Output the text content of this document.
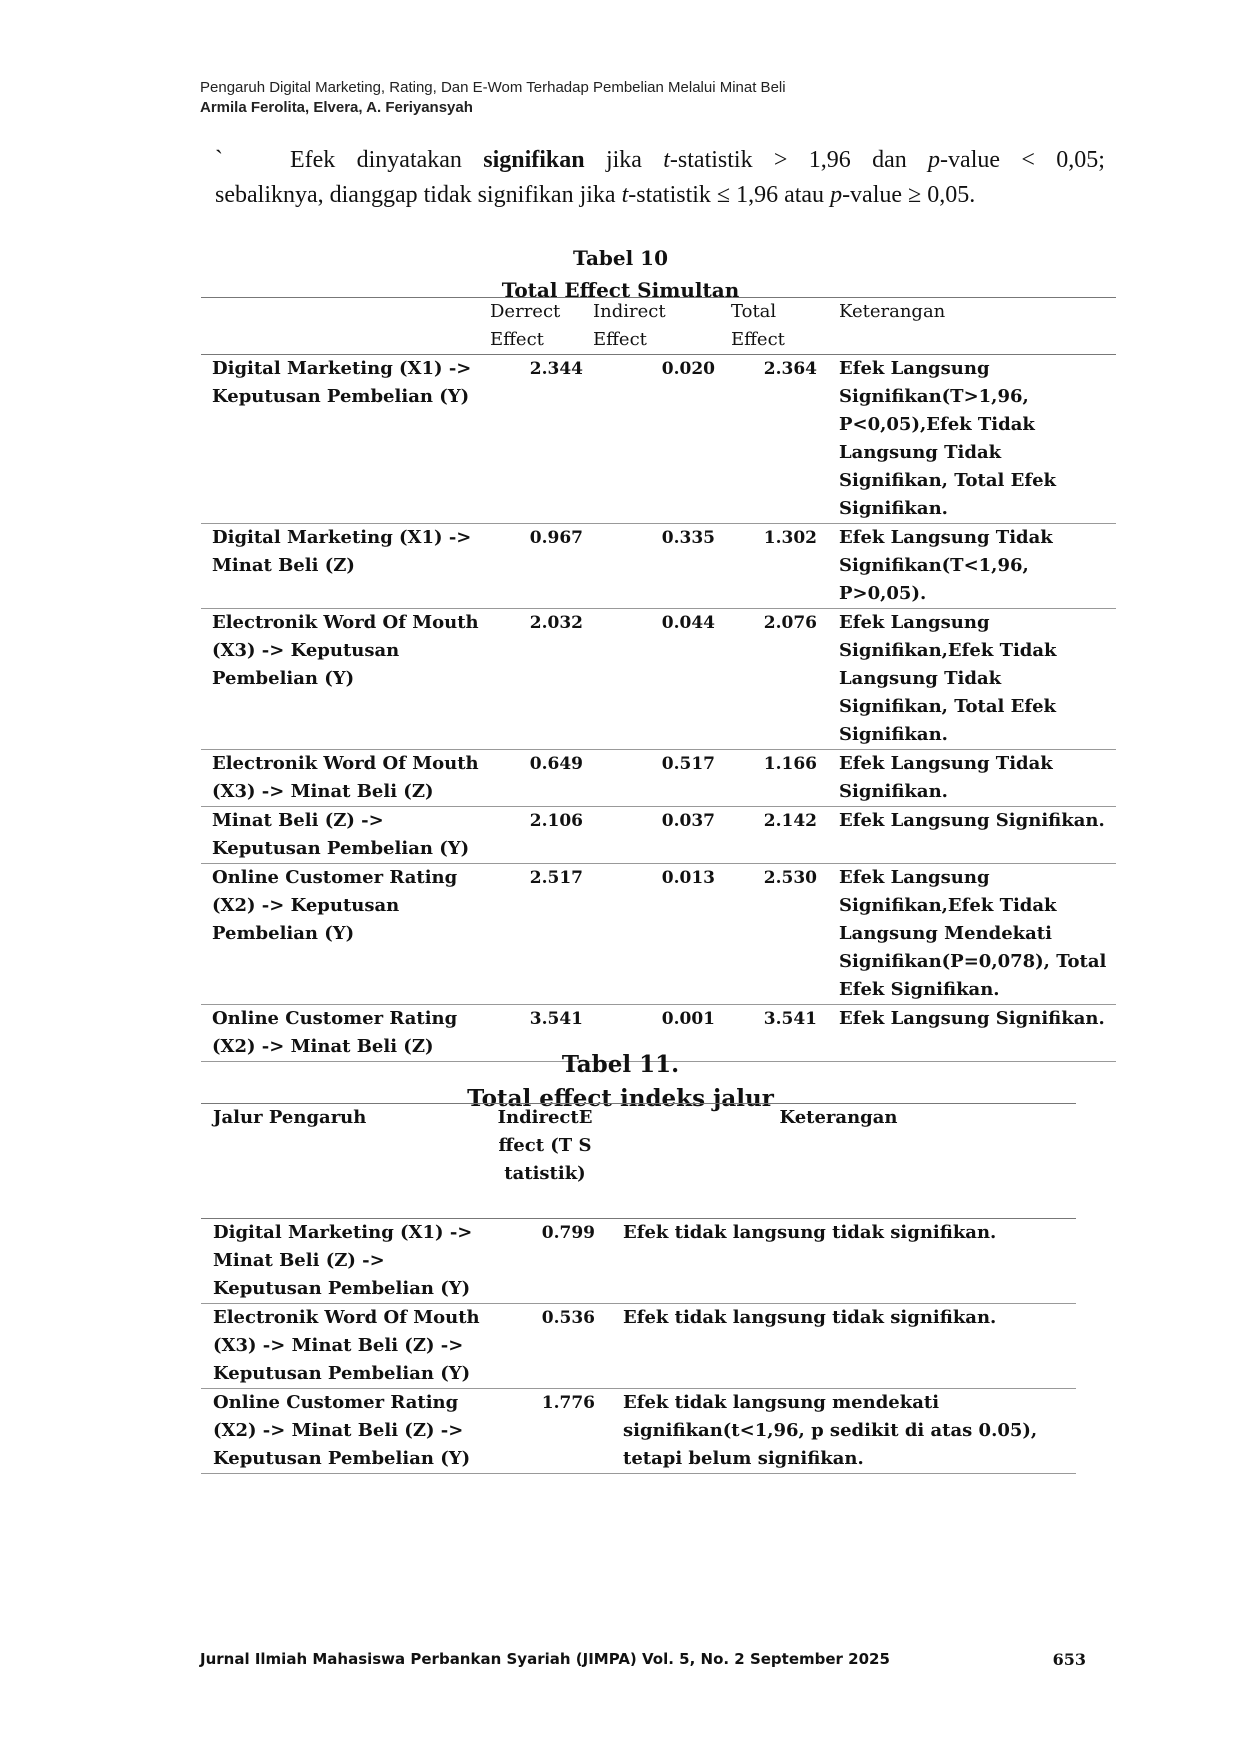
Pengaruh Digital Marketing, Rating, Dan E-Wom Terhadap Pembelian Melalui Minat Beli
Armila Ferolita, Elvera, A. Feriyansyah
`	Efek dinyatakan signifikan jika t-statistik > 1,96 dan p-value < 0,05;
sebaliknya, dianggap tidak signifikan jika t-statistik ≤ 1,96 atau p-value ≥ 0,05.
Tabel 10
Total Effect Simultan
	Derrect Effect	Indirect Effect	Total Effect	Keterangan
Digital Marketing (X1) -> Keputusan Pembelian (Y)	2.344	0.020	2.364	Efek Langsung Signifikan(T>1,96, P<0,05),Efek Tidak Langsung Tidak Signifikan, Total Efek Signifikan.
Digital Marketing (X1) -> Minat Beli (Z)	0.967	0.335	1.302	Efek Langsung Tidak Signifikan(T<1,96, P>0,05).
Electronik Word Of Mouth (X3) -> Keputusan Pembelian (Y)	2.032	0.044	2.076	Efek Langsung Signifikan,Efek Tidak Langsung Tidak Signifikan, Total Efek Signifikan.
Electronik Word Of Mouth (X3) -> Minat Beli (Z)	0.649	0.517	1.166	Efek Langsung Tidak Signifikan.
Minat Beli (Z) -> Keputusan Pembelian (Y)	2.106	0.037	2.142	Efek Langsung Signifikan.
Online Customer Rating (X2) -> Keputusan Pembelian (Y)	2.517	0.013	2.530	Efek Langsung Signifikan,Efek Tidak Langsung Mendekati Signifikan(P=0,078), Total Efek Signifikan.
Online Customer Rating (X2) -> Minat Beli (Z)	3.541	0.001	3.541	Efek Langsung Signifikan.
Tabel 11.
Total effect indeks jalur
Jalur Pengaruh	IndirectEffect (T Statistik)	Keterangan
Digital Marketing (X1) -> Minat Beli (Z) -> Keputusan Pembelian (Y)	0.799	Efek tidak langsung tidak signifikan.
Electronik Word Of Mouth (X3) -> Minat Beli (Z) -> Keputusan Pembelian (Y)	0.536	Efek tidak langsung tidak signifikan.
Online Customer Rating (X2) -> Minat Beli (Z) -> Keputusan Pembelian (Y)	1.776	Efek tidak langsung mendekati signifikan(t<1,96, p sedikit di atas 0.05), tetapi belum signifikan.
Jurnal Ilmiah Mahasiswa Perbankan Syariah (JIMPA) Vol. 5, No. 2 September 2025	653
